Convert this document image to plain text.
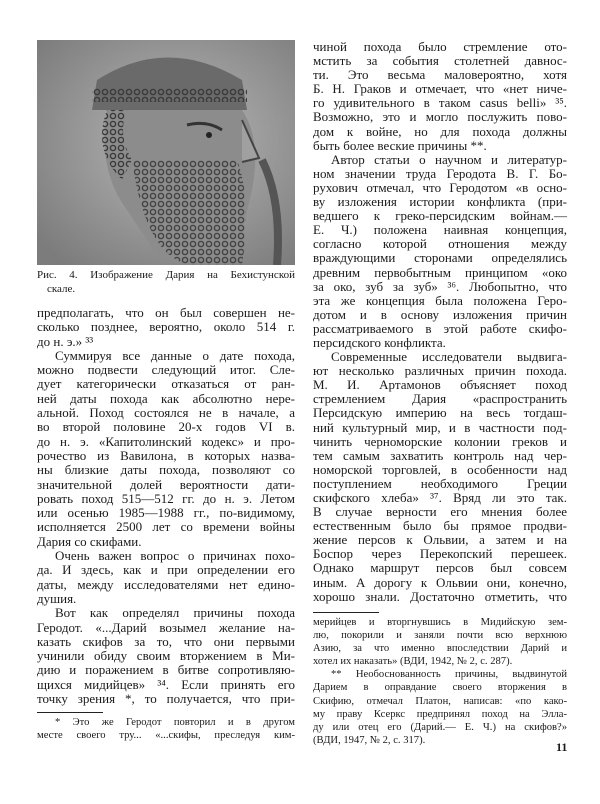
Рис. 4. Изображение Дария на Бехистунской
скале.
предполагать, что он был совершен не-
сколько позднее, вероятно, около 514 г.
до н. э.» ³³
Суммируя все данные о дате похода,
можно подвести следующий итог. Сле-
дует категорически отказаться от ран-
ней даты похода как абсолютно нере-
альной. Поход состоялся не в начале, а
во второй половине 20-х годов VI в.
до н. э. «Капитолинский кодекс» и про-
рочество из Вавилона, в которых назва-
ны близкие даты похода, позволяют со
значительной долей вероятности дати-
ровать поход 515—512 гг. до н. э. Летом
или осенью 1985—1988 гг., по-видимому,
исполняется 2500 лет со времени войны
Дария со скифами.
Очень важен вопрос о причинах похо-
да. И здесь, как и при определении его
даты, между исследователями нет едино-
душия.
Вот как определял причины похода
Геродот. «...Дарий возымел желание на-
казать скифов за то, что они первыми
учинили обиду своим вторжением в Ми-
дию и поражением в битве сопротивляю-
щихся мидийцев» ³⁴. Если принять его
точку зрения *, то получается, что при-
чиной похода было стремление ото-
мстить за события столетней давнос-
ти. Это весьма маловероятно, хотя
Б. Н. Граков и отмечает, что «нет ниче-
го удивительного в таком casus belli» ³⁵.
Возможно, это и могло послужить пово-
дом к войне, но для похода должны
быть более веские причины **.
Автор статьи о научном и литератур-
ном значении труда Геродота В. Г. Бо-
рухович отмечал, что Геродотом «в осно-
ву изложения истории конфликта (при-
ведшего к греко-персидским войнам.—
Е. Ч.) положена наивная концепция,
согласно которой отношения между
враждующими сторонами определялись
древним первобытным принципом «око
за око, зуб за зуб» ³⁶. Любопытно, что
эта же концепция была положена Геро-
дотом и в основу изложения причин
рассматриваемого в этой работе скифо-
персидского конфликта.
Современные исследователи выдвига-
ют несколько различных причин похода.
М. И. Артамонов объясняет поход
стремлением Дария «распространить
Персидскую империю на весь тогдаш-
ний культурный мир, и в частности под-
чинить черноморские колонии греков и
тем самым захватить контроль над чер-
номорской торговлей, в особенности над
поступлением необходимого Греции
скифского хлеба» ³⁷. Вряд ли это так.
В случае верности его мнения более
естественным было бы прямое продви-
жение персов к Ольвии, а затем и на
Боспор через Перекопский перешеек.
Однако маршрут персов был совсем
иным. А дорогу к Ольвии они, конечно,
хорошо знали. Достаточно отметить, что
* Это же Геродот повторил и в другом
месте своего тру... «...скифы, преследуя ким-
мерийцев и вторгнувшись в Мидийскую зем-
лю, покорили и заняли почти всю верхнюю
Азию, за что именно впоследствии Дарий и
хотел их наказать» (ВДИ, 1942, № 2, с. 287).
** Необоснованность причины, выдвинутой
Дарием в оправдание своего вторжения в
Скифию, отмечал Платон, написав: «по како-
му праву Ксеркс предпринял поход на Элла-
ду или отец его (Дарий.— Е. Ч.) на скифов?»
(ВДИ, 1947, № 2, с. 317).	11
